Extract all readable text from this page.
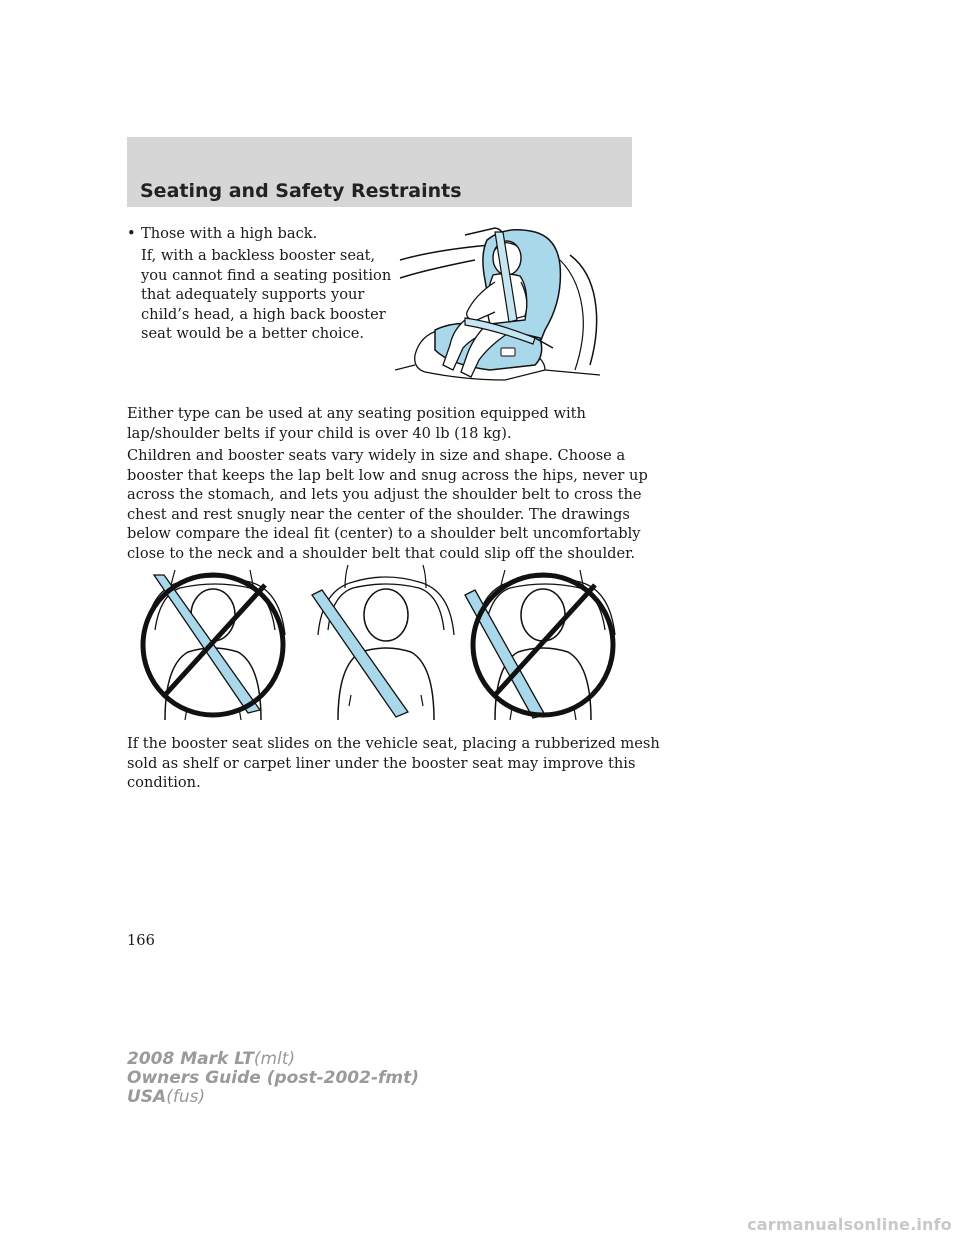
Seating and Safety Restraints
• Those with a high back.
If, with a backless booster seat,
you cannot find a seating position
that adequately supports your
child’s head, a high back booster
seat would be a better choice.
Either type can be used at any seating position equipped with
lap/shoulder belts if your child is over 40 lb (18 kg).
Children and booster seats vary widely in size and shape. Choose a
booster that keeps the lap belt low and snug across the hips, never up
across the stomach, and lets you adjust the shoulder belt to cross the
chest and rest snugly near the center of the shoulder. The drawings
below compare the ideal fit (center) to a shoulder belt uncomfortably
close to the neck and a shoulder belt that could slip off the shoulder.
If the booster seat slides on the vehicle seat, placing a rubberized mesh
sold as shelf or carpet liner under the booster seat may improve this
condition.
166
2008 Mark LT(mlt)
Owners Guide (post-2002-fmt)
USA(fus)
carmanualsonline.info
